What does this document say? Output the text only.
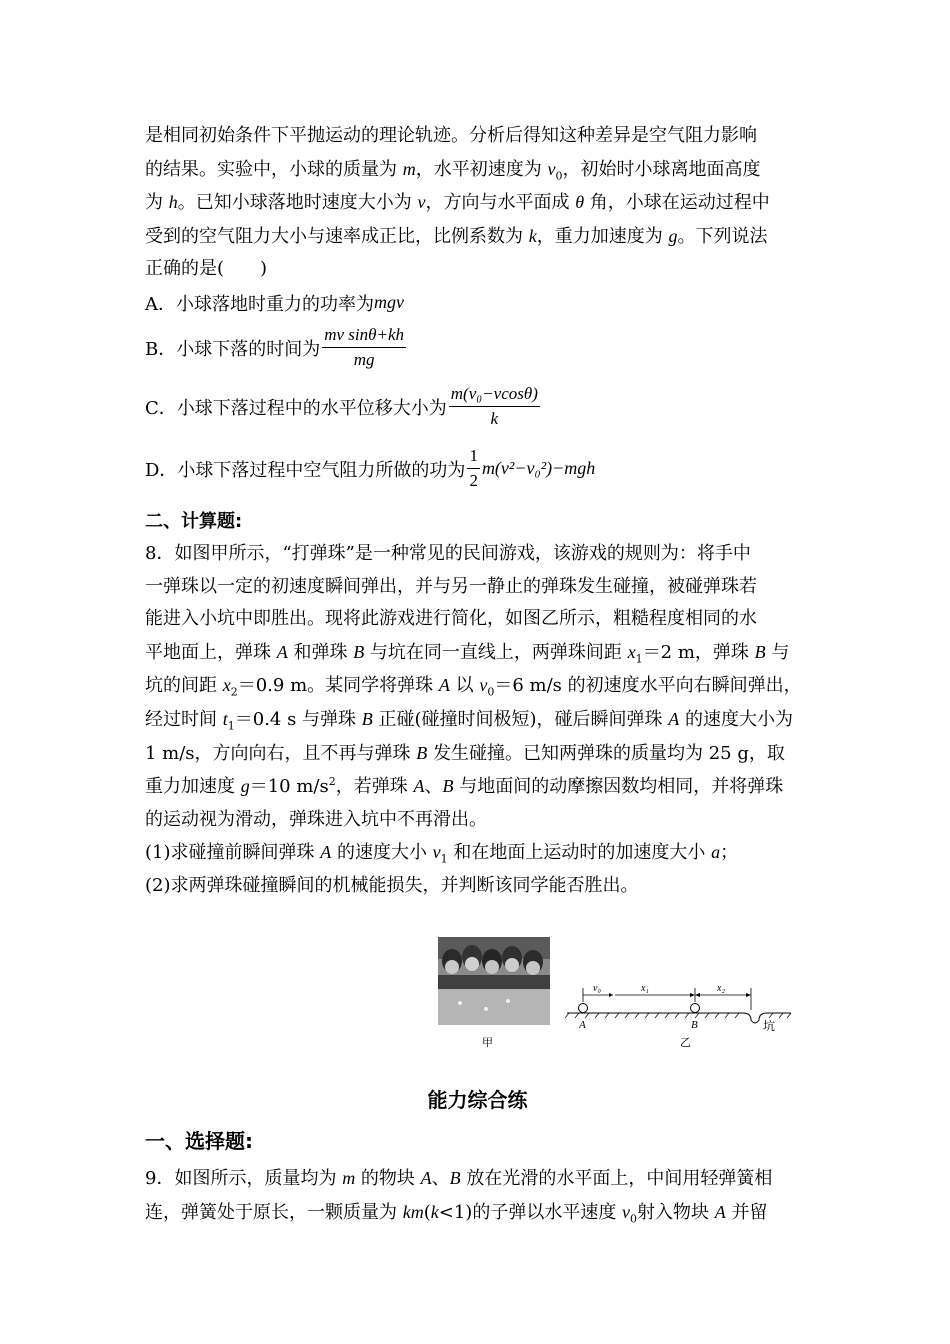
是相同初始条件下平抛运动的理论轨迹。分析后得知这种差异是空气阻力影响

的结果。实验中，小球的质量为 m，水平初速度为 $v_0$，初始时小球离地面高度

为 h。已知小球落地时速度大小为 v，方向与水平面成 θ 角，小球在运动过程中

受到的空气阻力大小与速率成正比，比例系数为 k，重力加速度为 g。下列说法

正确的是(　　)

A．小球落地时重力的功率为 mgv

B．小球下落的时间为 $\frac{\text{mv sinθ+kh}}{mg}$

C．小球下落过程中的水平位移大小为 $\frac{\text{m(v₀−vcosθ)}}{k}$

D．小球下落过程中空气阻力所做的功为 $\frac{1}{2} m(v^2-v_0^2)-mgh$

二、计算题:

8．如图甲所示，“打弹珠”是一种常见的民间游戏，该游戏的规则为：将手中

一弹珠以一定的初速度瞬间弹出，并与另一静止的弹珠发生碰撞，被碰弹珠若

能进入小坑中即胜出。现将此游戏进行简化，如图乙所示，粗糙程度相同的水

平地面上，弹珠 A 和弹珠 B 与坑在同一直线上，两弹珠间距 $x_1=2$ m，弹珠 B 与

坑的间距 $x_2=0.9$ m。某同学将弹珠 A 以 $v_0=6$ m/s 的初速度水平向右瞬间弹出，

经过时间 $t_1=0.4$ s 与弹珠 B 正碰(碰撞时间极短)，碰后瞬间弹珠 A 的速度大小为

1 m/s，方向向右，且不再与弹珠 B 发生碰撞。已知两弹珠的质量均为 25 g，取

重力加速度 g＝10 $m/s^2$，若弹珠 A、B 与地面间的动摩擦因数均相同，并将弹珠

的运动视为滑动，弹珠进入坑中不再滑出。

(1)求碰撞前瞬间弹珠 A 的速度大小 $v_1$ 和在地面上运动时的加速度大小 a；

(2)求两弹珠碰撞瞬间的机械能损失，并判断该同学能否胜出。

甲
v₀	x₁	x₂
A	B	坑
乙

能力综合练

一、选择题:

9．如图所示，质量均为 m 的物块 A、B 放在光滑的水平面上，中间用轻弹簧相

连，弹簧处于原长，一颗质量为 km(k<1)的子弹以水平速度 $v_0$射入物块 A 并留
